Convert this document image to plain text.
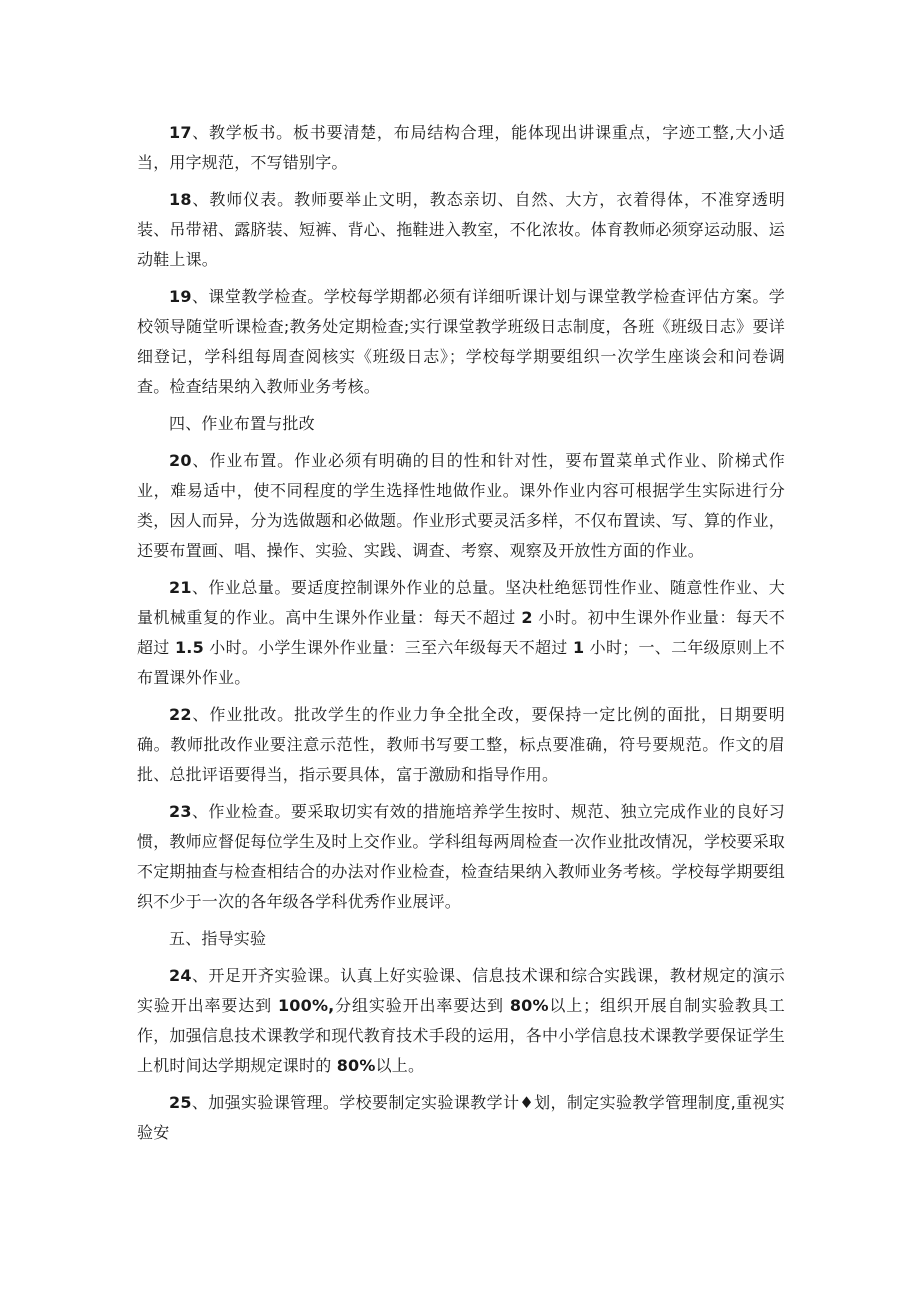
17、教学板书。板书要清楚，布局结构合理，能体现出讲课重点，字迹工整,大小适当，用字规范，不写错别字。

18、教师仪表。教师要举止文明，教态亲切、自然、大方，衣着得体，不准穿透明装、吊带裙、露脐装、短裤、背心、拖鞋进入教室，不化浓妆。体育教师必须穿运动服、运动鞋上课。

19、课堂教学检查。学校每学期都必须有详细听课计划与课堂教学检查评估方案。学校领导随堂听课检查;教务处定期检查;实行课堂教学班级日志制度，各班《班级日志》要详细登记，学科组每周查阅核实《班级日志》；学校每学期要组织一次学生座谈会和问卷调查。检查结果纳入教师业务考核。

四、作业布置与批改

20、作业布置。作业必须有明确的目的性和针对性，要布置菜单式作业、阶梯式作业，难易适中，使不同程度的学生选择性地做作业。课外作业内容可根据学生实际进行分类，因人而异，分为选做题和必做题。作业形式要灵活多样，不仅布置读、写、算的作业，还要布置画、唱、操作、实验、实践、调查、考察、观察及开放性方面的作业。

21、作业总量。要适度控制课外作业的总量。坚决杜绝惩罚性作业、随意性作业、大量机械重复的作业。高中生课外作业量：每天不超过 2 小时。初中生课外作业量：每天不超过 1.5 小时。小学生课外作业量：三至六年级每天不超过 1 小时；一、二年级原则上不布置课外作业。

22、作业批改。批改学生的作业力争全批全改，要保持一定比例的面批，日期要明确。教师批改作业要注意示范性，教师书写要工整，标点要准确，符号要规范。作文的眉批、总批评语要得当，指示要具体，富于激励和指导作用。

23、作业检查。要采取切实有效的措施培养学生按时、规范、独立完成作业的良好习惯，教师应督促每位学生及时上交作业。学科组每两周检查一次作业批改情况，学校要采取不定期抽查与检查相结合的办法对作业检查，检查结果纳入教师业务考核。学校每学期要组织不少于一次的各年级各学科优秀作业展评。

五、指导实验

24、开足开齐实验课。认真上好实验课、信息技术课和综合实践课，教材规定的演示实验开出率要达到 100%,分组实验开出率要达到 80%以上；组织开展自制实验教具工作，加强信息技术课教学和现代教育技术手段的运用，各中小学信息技术课教学要保证学生上机时间达学期规定课时的 80%以上。

25、加强实验课管理。学校要制定实验课教学计♦划，制定实验教学管理制度,重视实验安
